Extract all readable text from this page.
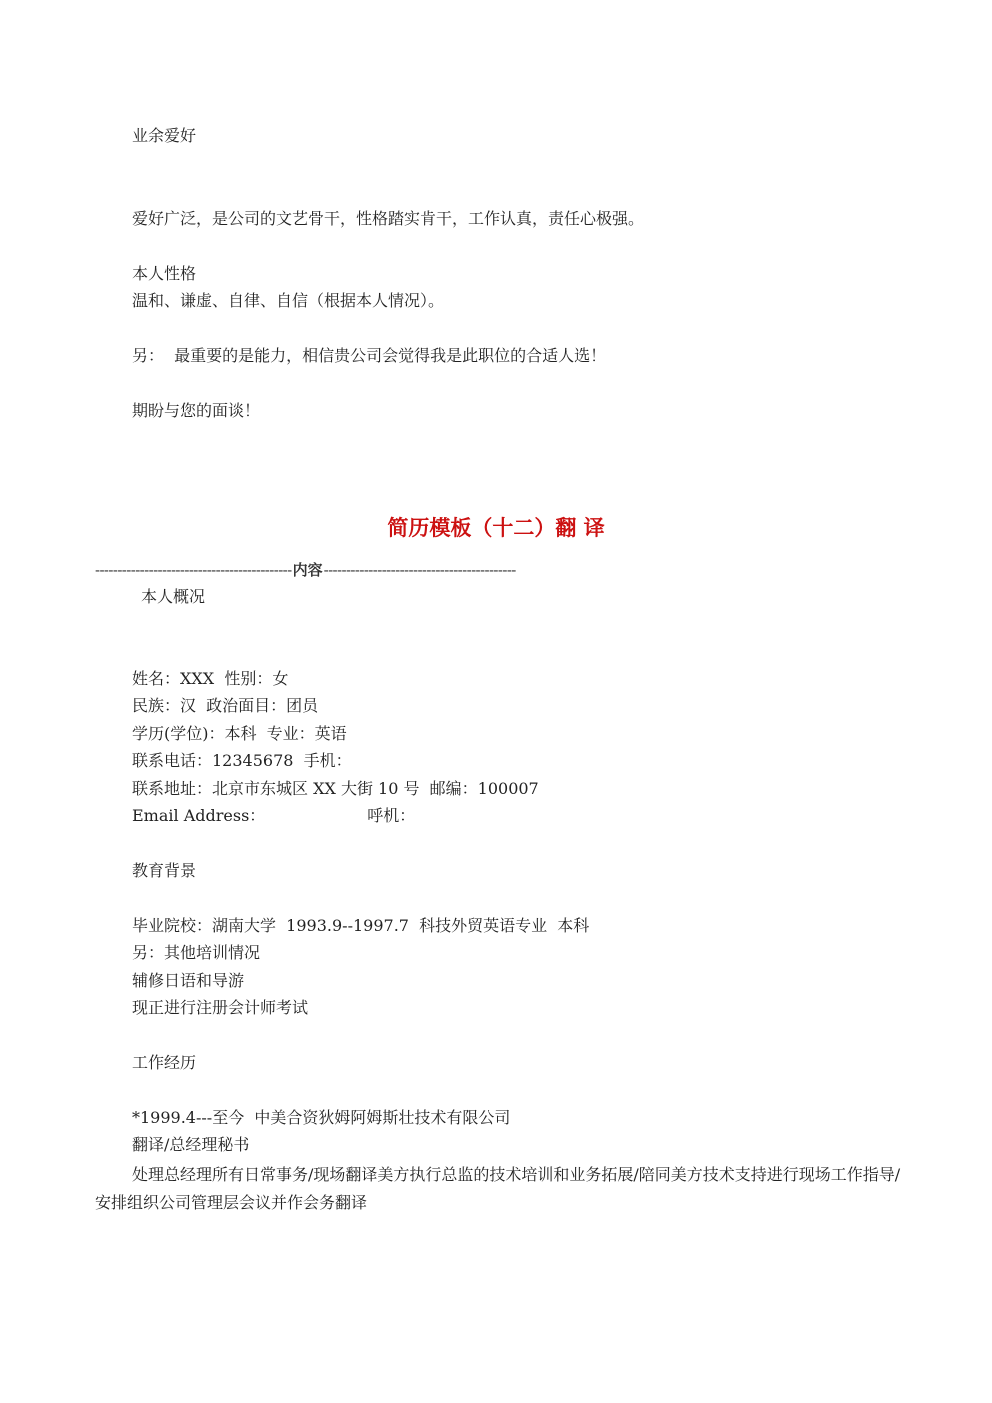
业余爱好

爱好广泛，是公司的文艺骨干，性格踏实肯干，工作认真，责任心极强。

本人性格

温和、谦虚、自律、自信（根据本人情况）。

另：  最重要的是能力，相信贵公司会觉得我是此职位的合适人选！

期盼与您的面谈！

简历模板（十二）翻 译
--------------------------------------------内容-------------------------------------------

本人概况

姓名：XXX  性别：女

民族：汉  政治面目：团员

学历(学位)：本科  专业：英语

联系电话：12345678  手机：

联系地址：北京市东城区 XX 大街 10 号  邮编：100007

Email Address：	呼机：

教育背景

毕业院校：湖南大学  1993.9--1997.7  科技外贸英语专业  本科

另：其他培训情况

辅修日语和导游

现正进行注册会计师考试

工作经历

*1999.4---至今  中美合资狄姆阿姆斯壮技术有限公司

翻译/总经理秘书

处理总经理所有日常事务/现场翻译美方执行总监的技术培训和业务拓展/陪同美方技术支持进行现场工作指导/安排组织公司管理层会议并作会务翻译
